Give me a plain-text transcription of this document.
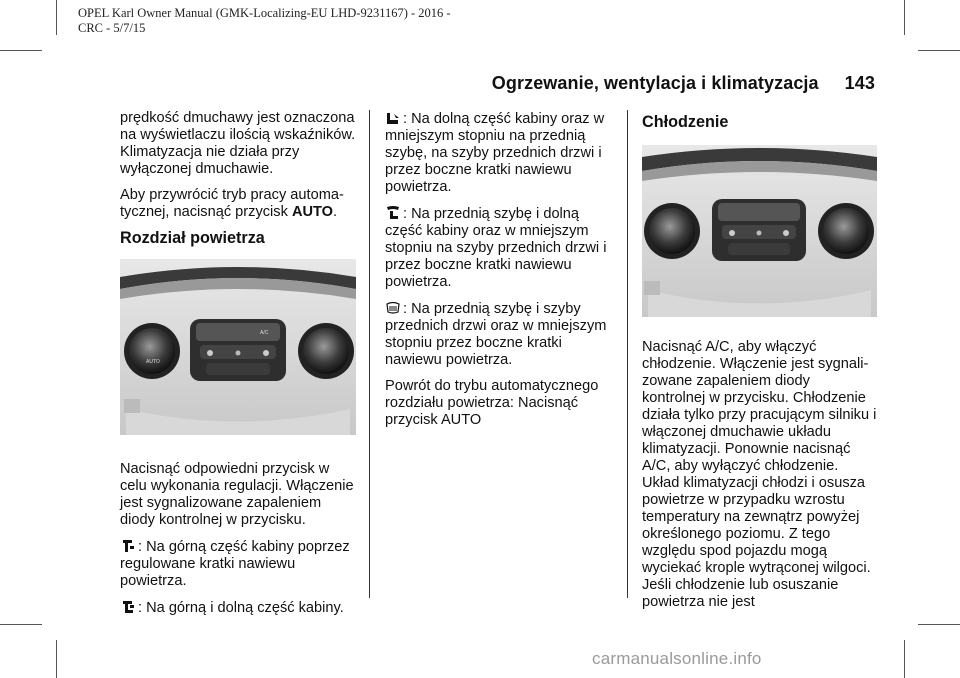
OPEL Karl Owner Manual (GMK-Localizing-EU LHD-9231167) - 2016 -
CRC - 5/7/15
Ogrzewanie, wentylacja i klimatyzacja 143

prędkość dmuchawy jest oznaczona na wyświetlaczu ilością wskaźników. Klimatyzacja nie działa przy wyłączonej dmuchawie.

Aby przywrócić tryb pracy automatycznej, nacisnąć przycisk AUTO.

Rozdział powietrza
AUTO
A/C

Nacisnąć odpowiedni przycisk w celu wykonania regulacji. Włączenie jest sygnalizowane zapaleniem diody kontrolnej w przycisku.

: Na górną część kabiny poprzez regulowane kratki nawiewu powietrza.

: Na górną i dolną część kabiny.

: Na dolną część kabiny oraz w mniejszym stopniu na przednią szybę, na szyby przednich drzwi i przez boczne kratki nawiewu powietrza.

: Na przednią szybę i dolną część kabiny oraz w mniejszym stopniu na szyby przednich drzwi i przez boczne kratki nawiewu powietrza.

: Na przednią szybę i szyby przednich drzwi oraz w mniejszym stopniu przez boczne kratki nawiewu powietrza.

Powrót do trybu automatycznego rozdziału powietrza: Nacisnąć przycisk AUTO

Chłodzenie

Nacisnąć A/C, aby włączyć chłodzenie. Włączenie jest sygnalizowane zapaleniem diody kontrolnej w przycisku. Chłodzenie działa tylko przy pracującym silniku i włączonej dmuchawie układu klimatyzacji. Ponownie nacisnąć A/C, aby wyłączyć chłodzenie. Układ klimatyzacji chłodzi i osusza powietrze w przypadku wzrostu temperatury na zewnątrz powyżej określonego poziomu. Z tego względu spod pojazdu mogą wyciekać krople wytrąconej wilgoci. Jeśli chłodzenie lub osuszanie powietrza nie jest

carmanualsonline.info
